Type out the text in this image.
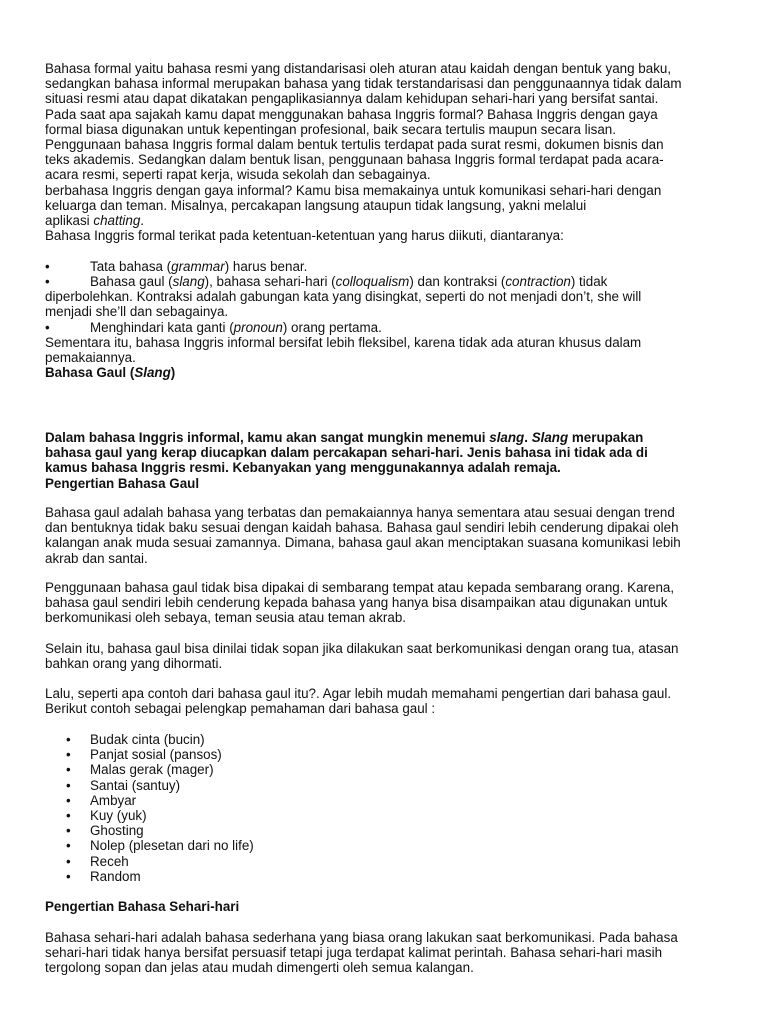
Bahasa formal yaitu bahasa resmi yang distandarisasi oleh aturan atau kaidah dengan bentuk yang baku,
sedangkan bahasa informal merupakan bahasa yang tidak terstandarisasi dan penggunaannya tidak dalam
situasi resmi atau dapat dikatakan pengaplikasiannya dalam kehidupan sehari-hari yang bersifat santai.
Pada saat apa sajakah kamu dapat menggunakan bahasa Inggris formal? Bahasa Inggris dengan gaya
formal biasa digunakan untuk kepentingan profesional, baik secara tertulis maupun secara lisan.
Penggunaan bahasa Inggris formal dalam bentuk tertulis terdapat pada surat resmi, dokumen bisnis dan
teks akademis. Sedangkan dalam bentuk lisan, penggunaan bahasa Inggris formal terdapat pada acara-
acara resmi, seperti rapat kerja, wisuda sekolah dan sebagainya.
berbahasa Inggris dengan gaya informal? Kamu bisa memakainya untuk komunikasi sehari-hari dengan
keluarga dan teman. Misalnya, percakapan langsung ataupun tidak langsung, yakni melalui
aplikasi chatting.
Bahasa Inggris formal terikat pada ketentuan-ketentuan yang harus diikuti, diantaranya:
•	Tata bahasa (grammar) harus benar.
•	Bahasa gaul (slang), bahasa sehari-hari (colloqualism) dan kontraksi (contraction) tidak
diperbolehkan. Kontraksi adalah gabungan kata yang disingkat, seperti do not menjadi don’t, she will
menjadi she’ll dan sebagainya.
•	Menghindari kata ganti (pronoun) orang pertama.
Sementara itu, bahasa Inggris informal bersifat lebih fleksibel, karena tidak ada aturan khusus dalam
pemakaiannya.
Bahasa Gaul (Slang)
Dalam bahasa Inggris informal, kamu akan sangat mungkin menemui slang. Slang merupakan
bahasa gaul yang kerap diucapkan dalam percakapan sehari-hari. Jenis bahasa ini tidak ada di
kamus bahasa Inggris resmi. Kebanyakan yang menggunakannya adalah remaja.
Pengertian Bahasa Gaul
Bahasa gaul adalah bahasa yang terbatas dan pemakaiannya hanya sementara atau sesuai dengan trend
dan bentuknya tidak baku sesuai dengan kaidah bahasa. Bahasa gaul sendiri lebih cenderung dipakai oleh
kalangan anak muda sesuai zamannya. Dimana, bahasa gaul akan menciptakan suasana komunikasi lebih
akrab dan santai.
Penggunaan bahasa gaul tidak bisa dipakai di sembarang tempat atau kepada sembarang orang. Karena,
bahasa gaul sendiri lebih cenderung kepada bahasa yang hanya bisa disampaikan atau digunakan untuk
berkomunikasi oleh sebaya, teman seusia atau teman akrab.
Selain itu, bahasa gaul bisa dinilai tidak sopan jika dilakukan saat berkomunikasi dengan orang tua, atasan
bahkan orang yang dihormati.
Lalu, seperti apa contoh dari bahasa gaul itu?. Agar lebih mudah memahami pengertian dari bahasa gaul.
Berikut contoh sebagai pelengkap pemahaman dari bahasa gaul :
• Budak cinta (bucin)
• Panjat sosial (pansos)
• Malas gerak (mager)
• Santai (santuy)
• Ambyar
• Kuy (yuk)
• Ghosting
• Nolep (plesetan dari no life)
• Receh
• Random
Pengertian Bahasa Sehari-hari
Bahasa sehari-hari adalah bahasa sederhana yang biasa orang lakukan saat berkomunikasi. Pada bahasa
sehari-hari tidak hanya bersifat persuasif tetapi juga terdapat kalimat perintah. Bahasa sehari-hari masih
tergolong sopan dan jelas atau mudah dimengerti oleh semua kalangan.
